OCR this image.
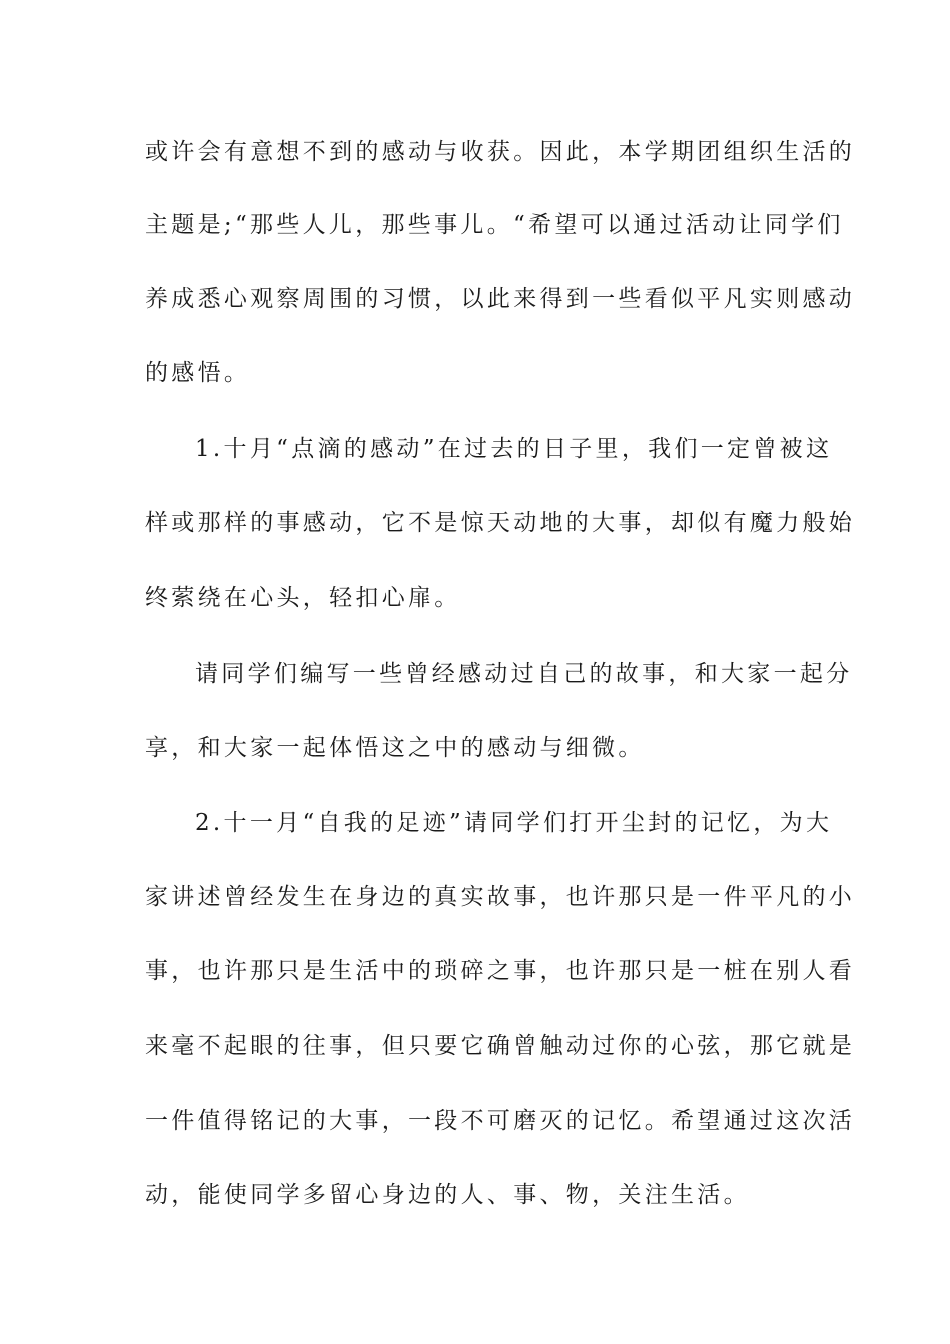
或许会有意想不到的感动与收获。因此，本学期团组织生活的
主题是;“那些人儿，那些事儿。“希望可以通过活动让同学们
养成悉心观察周围的习惯，以此来得到一些看似平凡实则感动
的感悟。
1.十月“点滴的感动”在过去的日子里，我们一定曾被这
样或那样的事感动，它不是惊天动地的大事，却似有魔力般始
终萦绕在心头，轻扣心扉。
请同学们编写一些曾经感动过自己的故事，和大家一起分
享，和大家一起体悟这之中的感动与细微。
2.十一月“自我的足迹”请同学们打开尘封的记忆，为大
家讲述曾经发生在身边的真实故事，也许那只是一件平凡的小
事，也许那只是生活中的琐碎之事，也许那只是一桩在别人看
来毫不起眼的往事，但只要它确曾触动过你的心弦，那它就是
一件值得铭记的大事，一段不可磨灭的记忆。希望通过这次活
动，能使同学多留心身边的人、事、物，关注生活。
